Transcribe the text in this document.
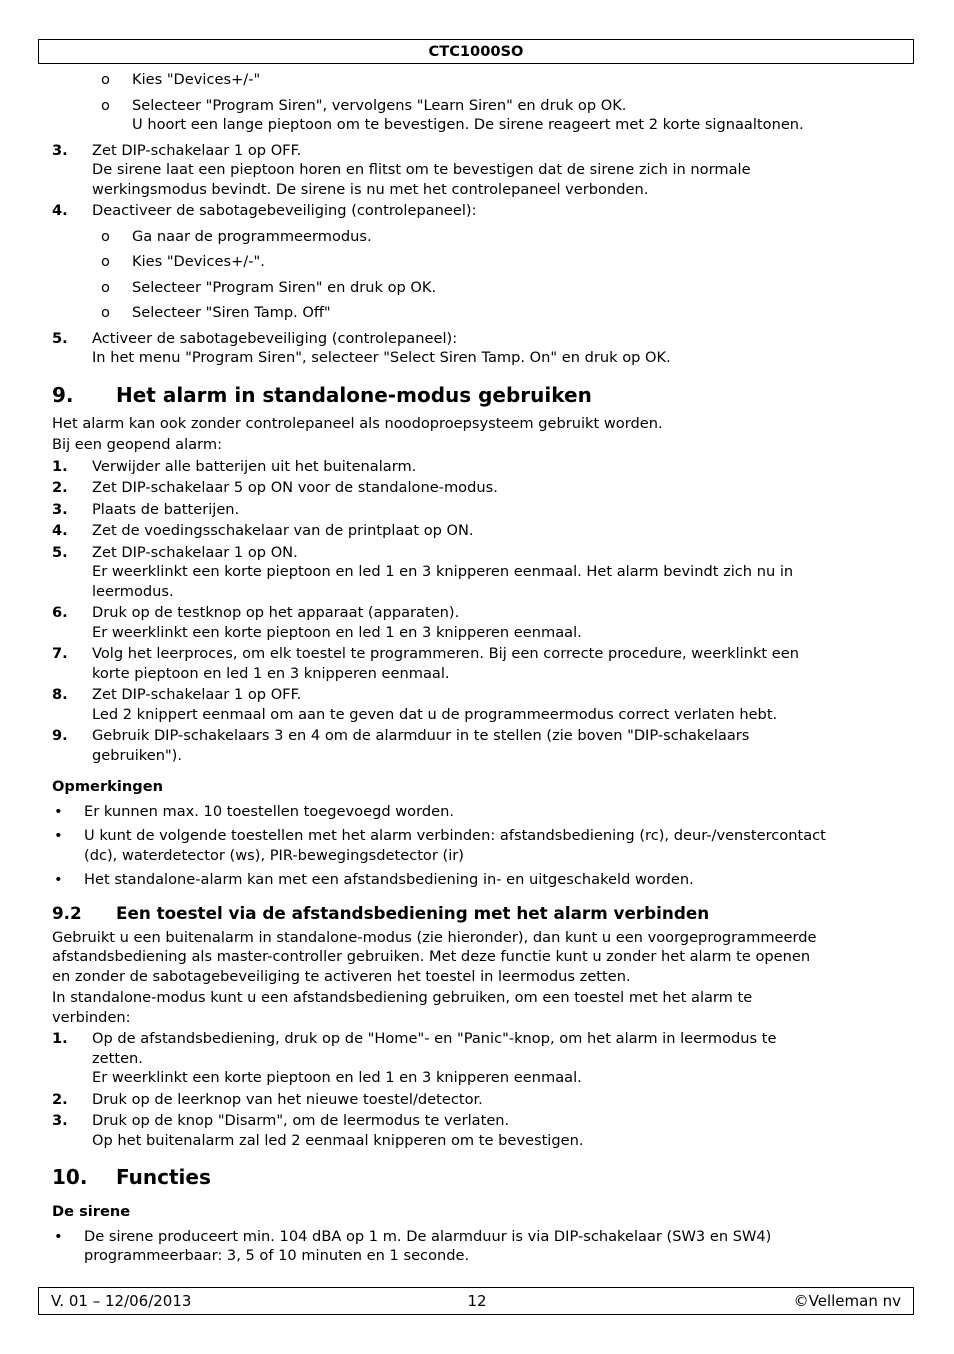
CTC1000SO
o Kies "Devices+/-"

o Selecteer "Program Siren", vervolgens "Learn Siren" en druk op OK.

U hoort een lange pieptoon om te bevestigen. De sirene reageert met 2 korte signaaltonen.

3. Zet DIP-schakelaar 1 op OFF.

De sirene laat een pieptoon horen en flitst om te bevestigen dat de sirene zich in normale

werkingsmodus bevindt. De sirene is nu met het controlepaneel verbonden.

4. Deactiveer de sabotagebeveiliging (controlepaneel):

o Ga naar de programmeermodus.

o Kies "Devices+/-".

o Selecteer "Program Siren" en druk op OK.

o Selecteer "Siren Tamp. Off"

5. Activeer de sabotagebeveiliging (controlepaneel):

In het menu "Program Siren", selecteer "Select Siren Tamp. On" en druk op OK.

9. Het alarm in standalone-modus gebruiken

Het alarm kan ook zonder controlepaneel als noodoproepsysteem gebruikt worden.

Bij een geopend alarm:

1. Verwijder alle batterijen uit het buitenalarm.

2. Zet DIP-schakelaar 5 op ON voor de standalone-modus.

3. Plaats de batterijen.

4. Zet de voedingsschakelaar van de printplaat op ON.

5. Zet DIP-schakelaar 1 op ON.

Er weerklinkt een korte pieptoon en led 1 en 3 knipperen eenmaal. Het alarm bevindt zich nu in

leermodus.

6. Druk op de testknop op het apparaat (apparaten).

Er weerklinkt een korte pieptoon en led 1 en 3 knipperen eenmaal.

7. Volg het leerproces, om elk toestel te programmeren. Bij een correcte procedure, weerklinkt een

korte pieptoon en led 1 en 3 knipperen eenmaal.

8. Zet DIP-schakelaar 1 op OFF.

Led 2 knippert eenmaal om aan te geven dat u de programmeermodus correct verlaten hebt.

9. Gebruik DIP-schakelaars 3 en 4 om de alarmduur in te stellen (zie boven "DIP-schakelaars

gebruiken").

Opmerkingen
• Er kunnen max. 10 toestellen toegevoegd worden.

• U kunt de volgende toestellen met het alarm verbinden: afstandsbediening (rc), deur-/venstercontact

(dc), waterdetector (ws), PIR-bewegingsdetector (ir)

• Het standalone-alarm kan met een afstandsbediening in- en uitgeschakeld worden.

9.2 Een toestel via de afstandsbediening met het alarm verbinden

Gebruikt u een buitenalarm in standalone-modus (zie hieronder), dan kunt u een voorgeprogrammeerde

afstandsbediening als master-controller gebruiken. Met deze functie kunt u zonder het alarm te openen

en zonder de sabotagebeveiliging te activeren het toestel in leermodus zetten.

In standalone-modus kunt u een afstandsbediening gebruiken, om een toestel met het alarm te

verbinden:

1. Op de afstandsbediening, druk op de "Home"- en "Panic"-knop, om het alarm in leermodus te

zetten.

Er weerklinkt een korte pieptoon en led 1 en 3 knipperen eenmaal.

2. Druk op de leerknop van het nieuwe toestel/detector.

3. Druk op de knop "Disarm", om de leermodus te verlaten.

Op het buitenalarm zal led 2 eenmaal knipperen om te bevestigen.

10. Functies
De sirene
• De sirene produceert min. 104 dBA op 1 m. De alarmduur is via DIP-schakelaar (SW3 en SW4)

programmeerbaar: 3, 5 of 10 minuten en 1 seconde.

V. 01 – 12/06/2013	12	©Velleman nv
